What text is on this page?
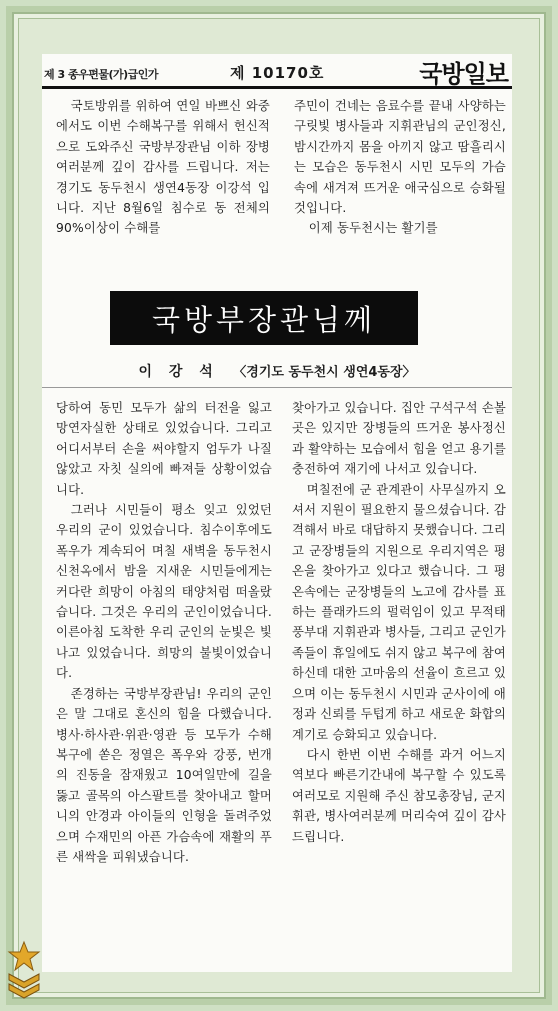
제 3 종우편물(가)급인가	제 10170호	국방일보

국토방위를 위하여 연일 바쁘신 와중에서도 이번 수해복구를 위해서 헌신적으로 도와주신 국방부장관님 이하 장병여러분께 깊이 감사를 드립니다. 저는 경기도 동두천시 생연4동장 이강석 입니다. 지난 8월6일 침수로 동 전체의 90%이상이 수해를

주민이 건네는 음료수를 끝내 사양하는 구릿빛 병사들과 지휘관님의 군인정신, 밤시간까지 몸을 아끼지 않고 땀흘리시는 모습은 동두천시 시민 모두의 가슴속에 새겨져 뜨거운 애국심으로 승화될 것입니다.

이제 동두천시는 활기를

국방부장관님께
이 강 석 〈경기도 동두천시 생연4동장〉

당하여 동민 모두가 삶의 터전을 잃고 망연자실한 상태로 있었습니다. 그리고 어디서부터 손을 써야할지 엄두가 나질 않았고 자칫 실의에 빠져들 상황이었습니다.

그러나 시민들이 평소 잊고 있었던 우리의 군이 있었습니다. 침수이후에도 폭우가 계속되어 며칠 새벽을 동두천시 신천옥에서 밤을 지새운 시민들에게는 커다란 희망이 아침의 태양처럼 떠올랐습니다. 그것은 우리의 군인이었습니다. 이른아침 도착한 우리 군인의 눈빛은 빛나고 있었습니다. 희망의 불빛이었습니다.

존경하는 국방부장관님! 우리의 군인은 말 그대로 혼신의 힘을 다했습니다. 병사·하사관·위관·영관 등 모두가 수해복구에 쏟은 정열은 폭우와 강풍, 번개의 진동을 잠재웠고 10여일만에 길을 뚫고 골목의 아스팔트를 찾아내고 할머니의 안경과 아이들의 인형을 돌려주었으며 수재민의 아픈 가슴속에 재활의 푸른 새싹을 피워냈습니다.

찾아가고 있습니다. 집안 구석구석 손볼 곳은 있지만 장병들의 뜨거운 봉사정신과 활약하는 모습에서 힘을 얻고 용기를 충전하여 재기에 나서고 있습니다.

며칠전에 군 관계관이 사무실까지 오셔서 지원이 필요한지 물으셨습니다. 감격해서 바로 대답하지 못했습니다. 그리고 군장병들의 지원으로 우리지역은 평온을 찾아가고 있다고 했습니다. 그 평온속에는 군장병들의 노고에 감사를 표하는 플래카드의 펄럭임이 있고 무적태풍부대 지휘관과 병사들, 그리고 군인가족들이 휴일에도 쉬지 않고 복구에 참여하신데 대한 고마움의 선율이 흐르고 있으며 이는 동두천시 시민과 군사이에 애정과 신뢰를 두텁게 하고 새로운 화합의 계기로 승화되고 있습니다.

다시 한번 이번 수해를 과거 어느지역보다 빠른기간내에 복구할 수 있도록 여러모로 지원해 주신 참모총장님, 군지휘관, 병사여러분께 머리숙여 깊이 감사드립니다.
